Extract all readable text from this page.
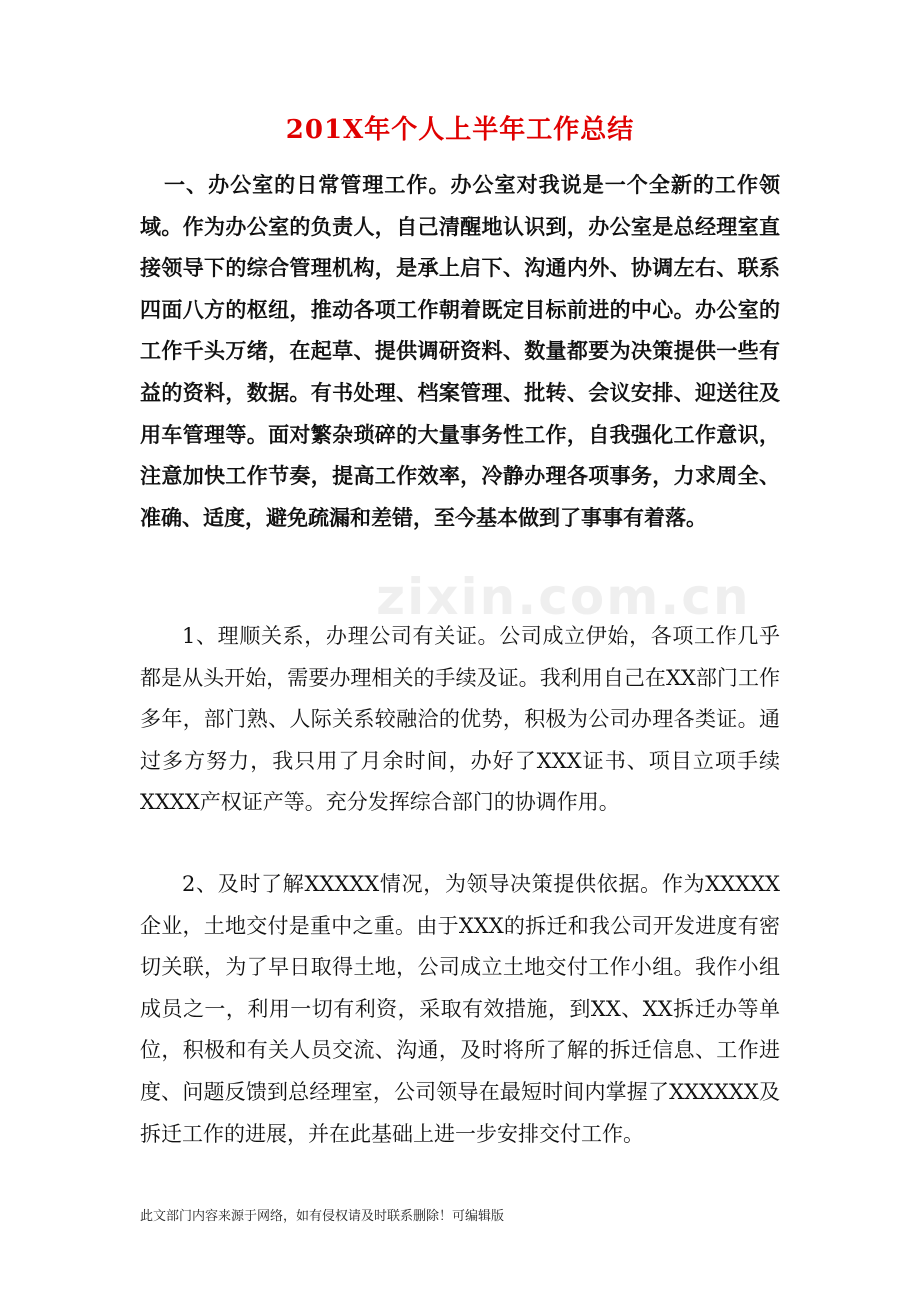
zixin.com.cn
201X年个人上半年工作总结

一、办公室的日常管理工作。办公室对我说是一个全新的工作领域。作为办公室的负责人，自己清醒地认识到，办公室是总经理室直接领导下的综合管理机构，是承上启下、沟通内外、协调左右、联系四面八方的枢纽，推动各项工作朝着既定目标前进的中心。办公室的工作千头万绪，在起草、提供调研资料、数量都要为决策提供一些有益的资料，数据。有书处理、档案管理、批转、会议安排、迎送往及用车管理等。面对繁杂琐碎的大量事务性工作，自我强化工作意识，注意加快工作节奏，提高工作效率，冷静办理各项事务，力求周全、准确、适度，避免疏漏和差错，至今基本做到了事事有着落。

1、理顺关系，办理公司有关证。公司成立伊始，各项工作几乎都是从头开始，需要办理相关的手续及证。我利用自己在XX部门工作多年，部门熟、人际关系较融洽的优势，积极为公司办理各类证。通过多方努力，我只用了月余时间，办好了XXX证书、项目立项手续XXXX产权证产等。充分发挥综合部门的协调作用。

2、及时了解XXXXX情况，为领导决策提供依据。作为XXXXX企业，土地交付是重中之重。由于XXX的拆迁和我公司开发进度有密切关联，为了早日取得土地，公司成立土地交付工作小组。我作小组成员之一，利用一切有利资，采取有效措施，到XX、XX拆迁办等单位，积极和有关人员交流、沟通，及时将所了解的拆迁信息、工作进度、问题反馈到总经理室，公司领导在最短时间内掌握了XXXXXX及拆迁工作的进展，并在此基础上进一步安排交付工作。

此文部门内容来源于网络，如有侵权请及时联系删除！可编辑版
